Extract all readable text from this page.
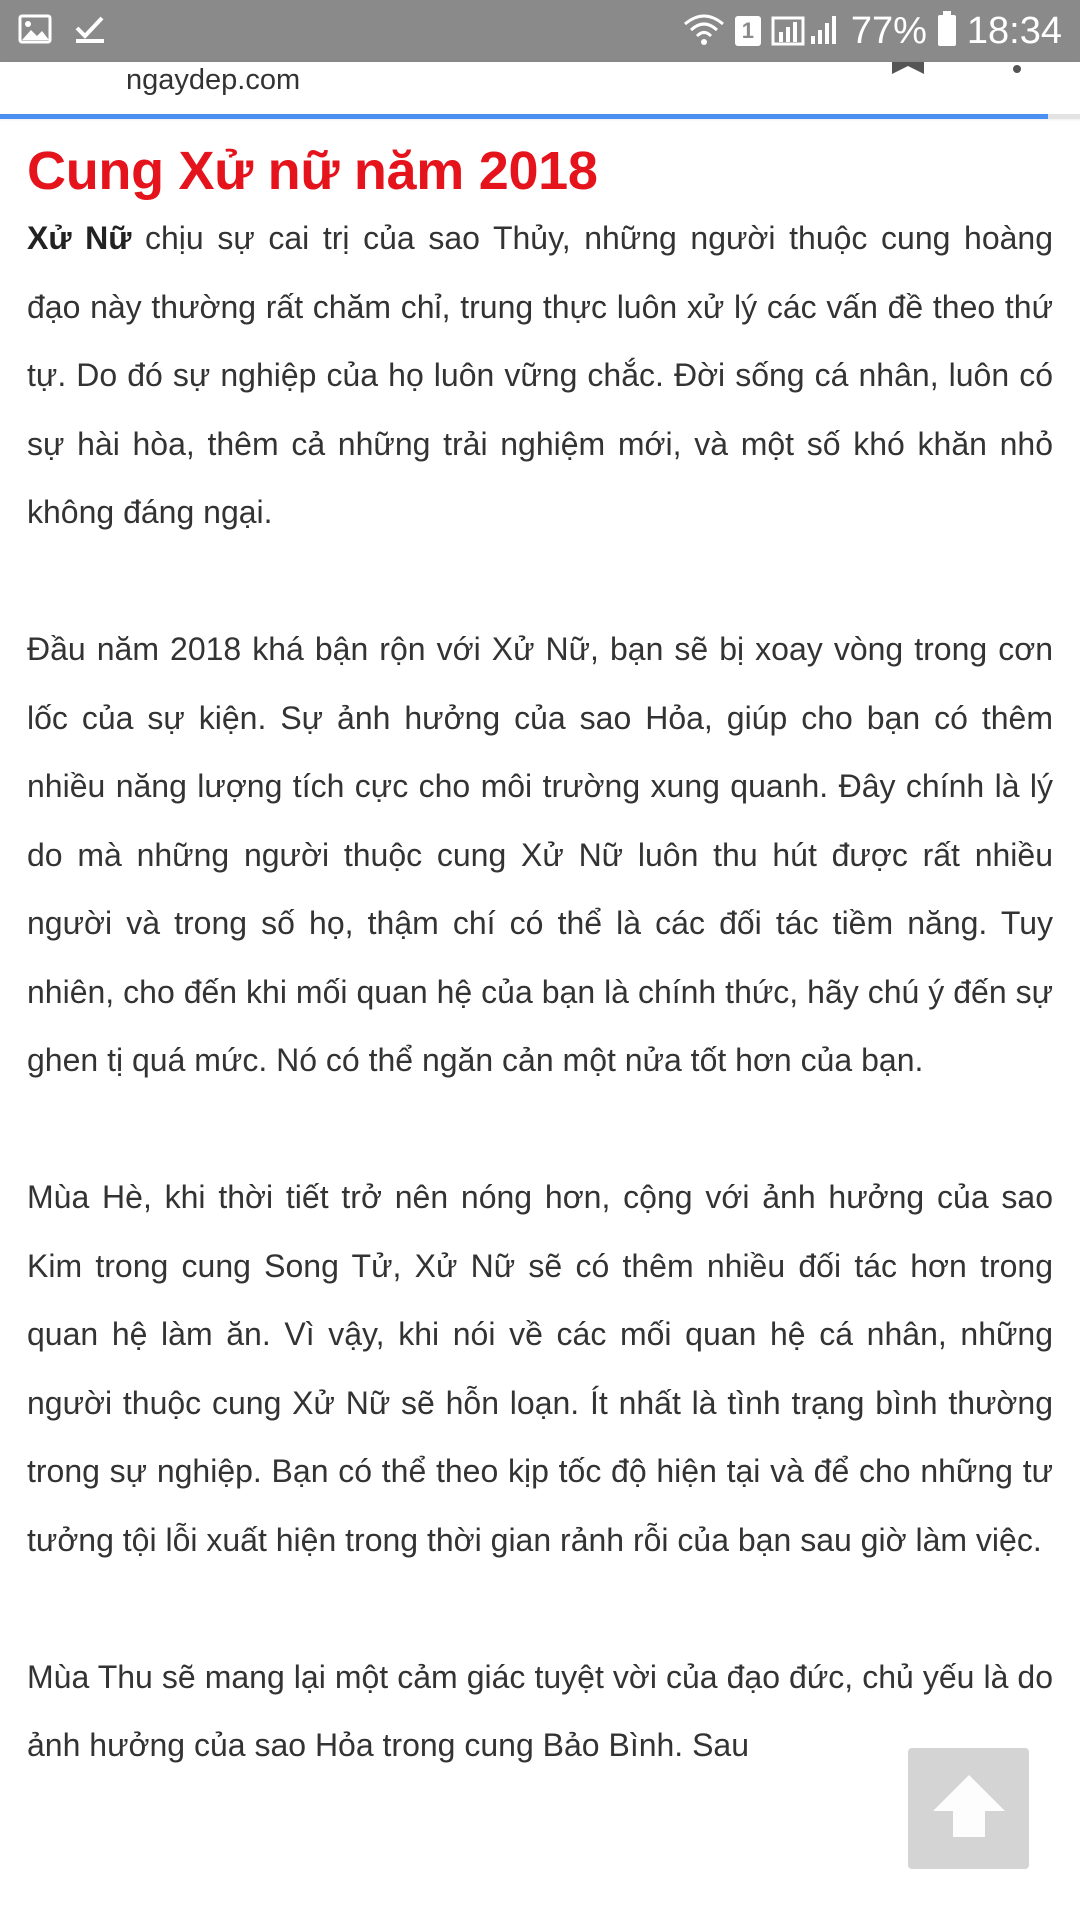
1	77% 18:34
ngaydep.com
Cung Xử nữ năm 2018

Xử Nữ chịu sự cai trị của sao Thủy, những người thuộc cung hoàng đạo này thường rất chăm chỉ, trung thực luôn xử lý các vấn đề theo thứ tự. Do đó sự nghiệp của họ luôn vững chắc. Đời sống cá nhân, luôn có sự hài hòa, thêm cả những trải nghiệm mới, và một số khó khăn nhỏ không đáng ngại.

Đầu năm 2018 khá bận rộn với Xử Nữ, bạn sẽ bị xoay vòng trong cơn lốc của sự kiện. Sự ảnh hưởng của sao Hỏa, giúp cho bạn có thêm nhiều năng lượng tích cực cho môi trường xung quanh. Đây chính là lý do mà những người thuộc cung Xử Nữ luôn thu hút được rất nhiều người và trong số họ, thậm chí có thể là các đối tác tiềm năng. Tuy nhiên, cho đến khi mối quan hệ của bạn là chính thức, hãy chú ý đến sự ghen tị quá mức. Nó có thể ngăn cản một nửa tốt hơn của bạn.

Mùa Hè, khi thời tiết trở nên nóng hơn, cộng với ảnh hưởng của sao Kim trong cung Song Tử, Xử Nữ sẽ có thêm nhiều đối tác hơn trong quan hệ làm ăn. Vì vậy, khi nói về các mối quan hệ cá nhân, những người thuộc cung Xử Nữ sẽ hỗn loạn. Ít nhất là tình trạng bình thường trong sự nghiệp. Bạn có thể theo kịp tốc độ hiện tại và để cho những tư tưởng tội lỗi xuất hiện trong thời gian rảnh rỗi của bạn sau giờ làm việc.

Mùa Thu sẽ mang lại một cảm giác tuyệt vời của đạo đức, chủ yếu là do ảnh hưởng của sao Hỏa trong cung Bảo Bình. Sau
